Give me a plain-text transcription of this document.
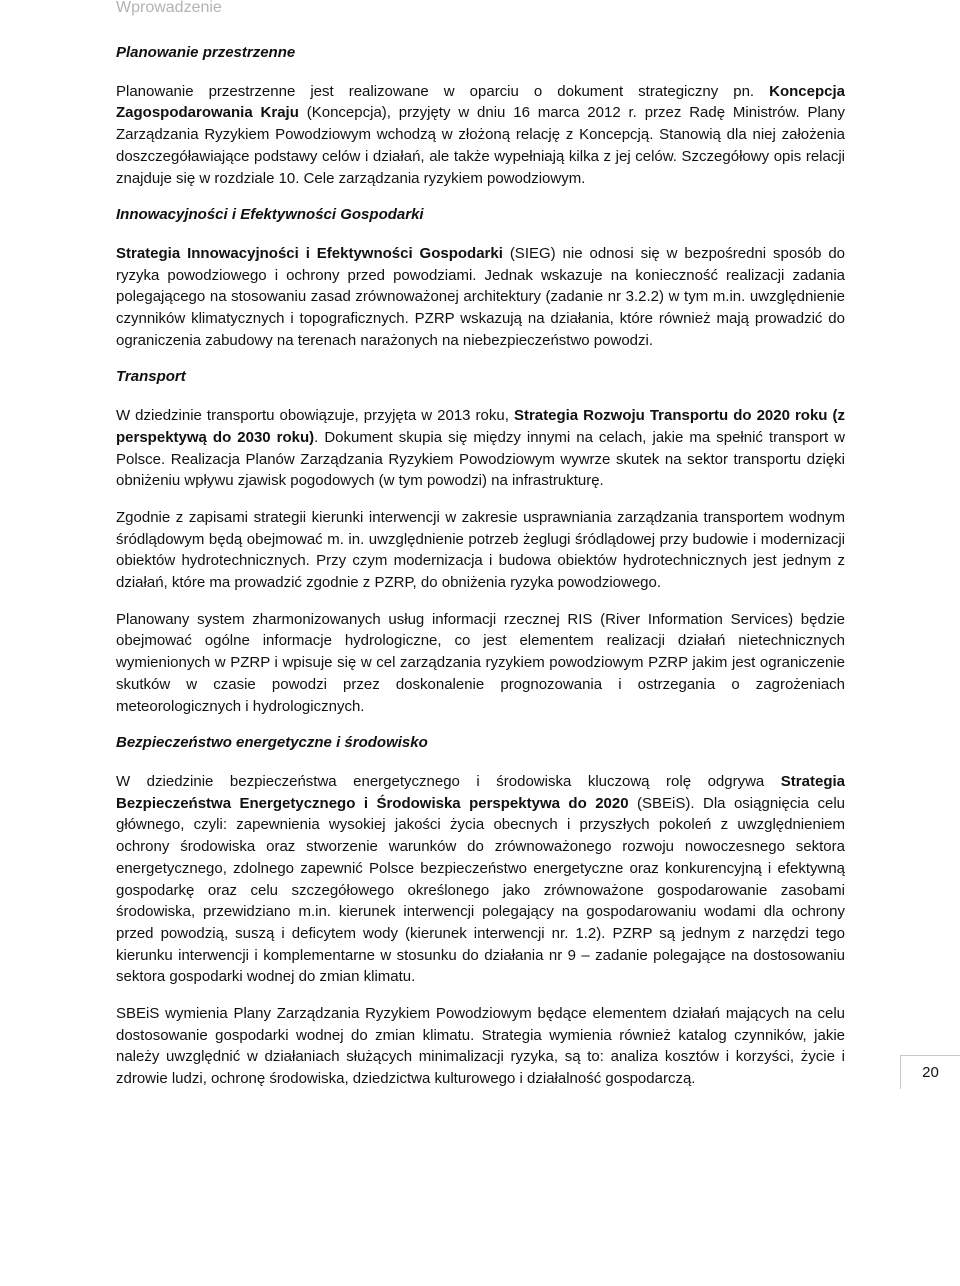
Wprowadzenie
Planowanie przestrzenne

Planowanie przestrzenne jest realizowane w oparciu o dokument strategiczny pn. Koncepcja Zagospodarowania Kraju (Koncepcja), przyjęty w dniu 16 marca 2012 r. przez Radę Ministrów. Plany Zarządzania Ryzykiem Powodziowym wchodzą w złożoną relację z Koncepcją. Stanowią dla niej założenia doszczegóławiające podstawy celów i działań, ale także wypełniają kilka z jej celów. Szczegółowy opis relacji znajduje się w rozdziale 10. Cele zarządzania ryzykiem powodziowym.

Innowacyjności i Efektywności Gospodarki

Strategia Innowacyjności i Efektywności Gospodarki (SIEG) nie odnosi się w bezpośredni sposób do ryzyka powodziowego i ochrony przed powodziami. Jednak wskazuje na konieczność realizacji zadania polegającego na stosowaniu zasad zrównoważonej architektury (zadanie nr 3.2.2) w tym m.in. uwzględnienie czynników klimatycznych i topograficznych. PZRP wskazują na działania, które również mają prowadzić do ograniczenia zabudowy na terenach narażonych na niebezpieczeństwo powodzi.

Transport

W dziedzinie transportu obowiązuje, przyjęta w 2013 roku, Strategia Rozwoju Transportu do 2020 roku (z perspektywą do 2030 roku). Dokument skupia się między innymi na celach, jakie ma spełnić transport w Polsce. Realizacja Planów Zarządzania Ryzykiem Powodziowym wywrze skutek na sektor transportu dzięki obniżeniu wpływu zjawisk pogodowych (w tym powodzi) na infrastrukturę.

Zgodnie z zapisami strategii kierunki interwencji w zakresie usprawniania zarządzania transportem wodnym śródlądowym będą obejmować m. in. uwzględnienie potrzeb żeglugi śródlądowej przy budowie i modernizacji obiektów hydrotechnicznych. Przy czym modernizacja i budowa obiektów hydrotechnicznych jest jednym z działań, które ma prowadzić zgodnie z PZRP, do obniżenia ryzyka powodziowego.

Planowany system zharmonizowanych usług informacji rzecznej RIS (River Information Services) będzie obejmować ogólne informacje hydrologiczne, co jest elementem realizacji działań nietechnicznych wymienionych w PZRP i wpisuje się w cel zarządzania ryzykiem powodziowym PZRP jakim jest ograniczenie skutków w czasie powodzi przez doskonalenie prognozowania i ostrzegania o zagrożeniach meteorologicznych i hydrologicznych.

Bezpieczeństwo energetyczne i środowisko

W dziedzinie bezpieczeństwa energetycznego i środowiska kluczową rolę odgrywa Strategia Bezpieczeństwa Energetycznego i Środowiska perspektywa do 2020 (SBEiS). Dla osiągnięcia celu głównego, czyli: zapewnienia wysokiej jakości życia obecnych i przyszłych pokoleń z uwzględnieniem ochrony środowiska oraz stworzenie warunków do zrównoważonego rozwoju nowoczesnego sektora energetycznego, zdolnego zapewnić Polsce bezpieczeństwo energetyczne oraz konkurencyjną i efektywną gospodarkę oraz celu szczegółowego określonego jako zrównoważone gospodarowanie zasobami środowiska, przewidziano m.in. kierunek interwencji polegający na gospodarowaniu wodami dla ochrony przed powodzią, suszą i deficytem wody (kierunek interwencji nr. 1.2). PZRP są jednym z narzędzi tego kierunku interwencji i komplementarne w stosunku do działania nr 9 – zadanie polegające na dostosowaniu sektora gospodarki wodnej do zmian klimatu.

SBEiS wymienia Plany Zarządzania Ryzykiem Powodziowym będące elementem działań mających na celu dostosowanie gospodarki wodnej do zmian klimatu. Strategia wymienia również katalog czynników, jakie należy uwzględnić w działaniach służących minimalizacji ryzyka, są to: analiza kosztów i korzyści, życie i zdrowie ludzi, ochronę środowiska, dziedzictwa kulturowego i działalność gospodarczą.	20
